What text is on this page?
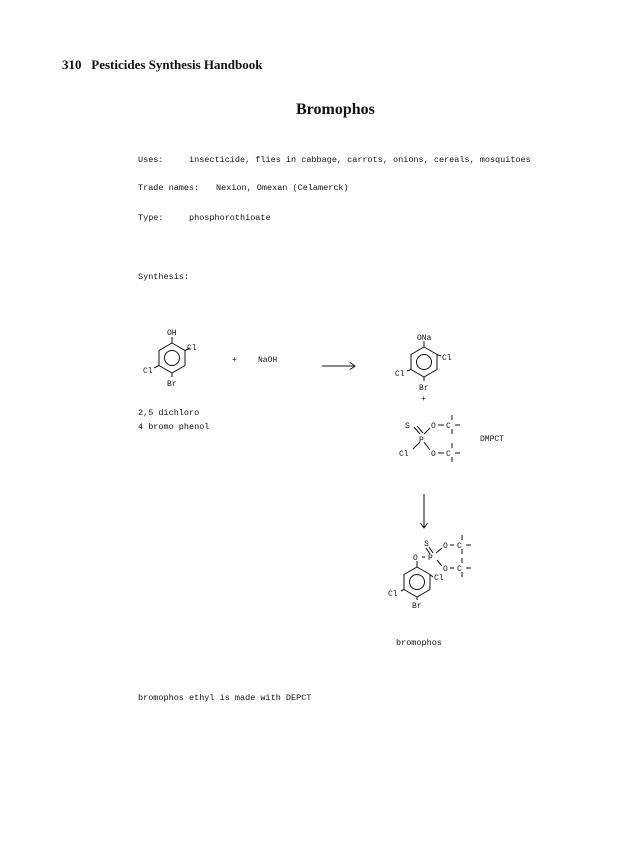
310 Pesticides Synthesis Handbook
Bromophos
Uses:	insecticide, flies in cabbage, carrots, onions, cereals, mosquitoes
Trade names: Nexion, Omexan (Celamerck)
Type:	phosphorothioate
Synthesis:
2,5 dichloro
4 bromo phenol
bromophos
bromophos ethyl is made with DEPCT
OH
Cl
Cl
Br
+	NaOH
ONa
Cl
Cl
Br
+
S
P
O C
Cl	O C
DMPCT
S O C
O P
O C
Cl
Cl
Br
